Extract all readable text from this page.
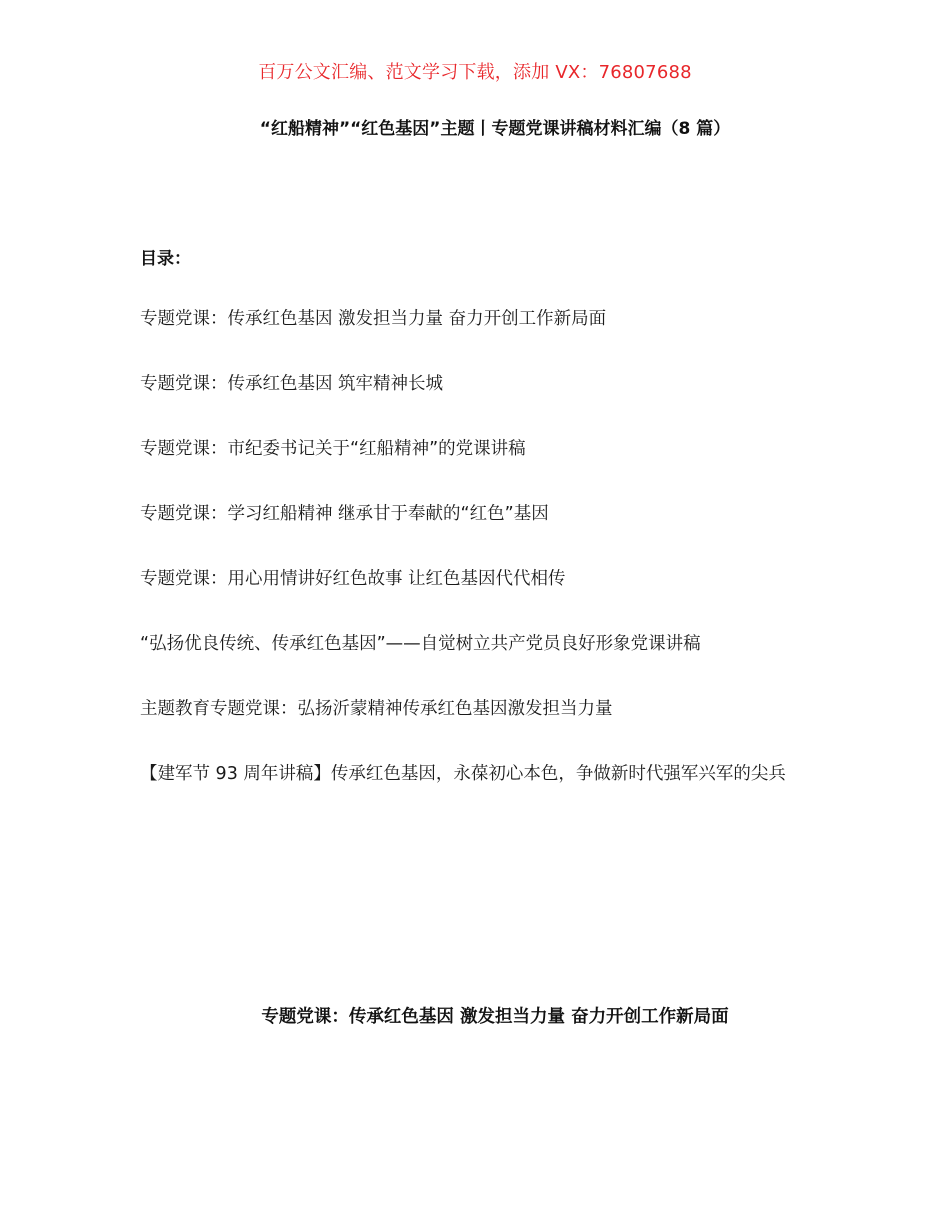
百万公文汇编、范文学习下载，添加 VX：76807688
“红船精神”“红色基因”主题丨专题党课讲稿材料汇编（8 篇）
目录：
专题党课：传承红色基因 激发担当力量 奋力开创工作新局面
专题党课：传承红色基因 筑牢精神长城
专题党课：市纪委书记关于“红船精神”的党课讲稿
专题党课：学习红船精神 继承甘于奉献的“红色”基因
专题党课：用心用情讲好红色故事 让红色基因代代相传
“弘扬优良传统、传承红色基因”——自觉树立共产党员良好形象党课讲稿
主题教育专题党课：弘扬沂蒙精神传承红色基因激发担当力量
【建军节 93 周年讲稿】传承红色基因，永葆初心本色，争做新时代强军兴军的尖兵
专题党课：传承红色基因 激发担当力量 奋力开创工作新局面
